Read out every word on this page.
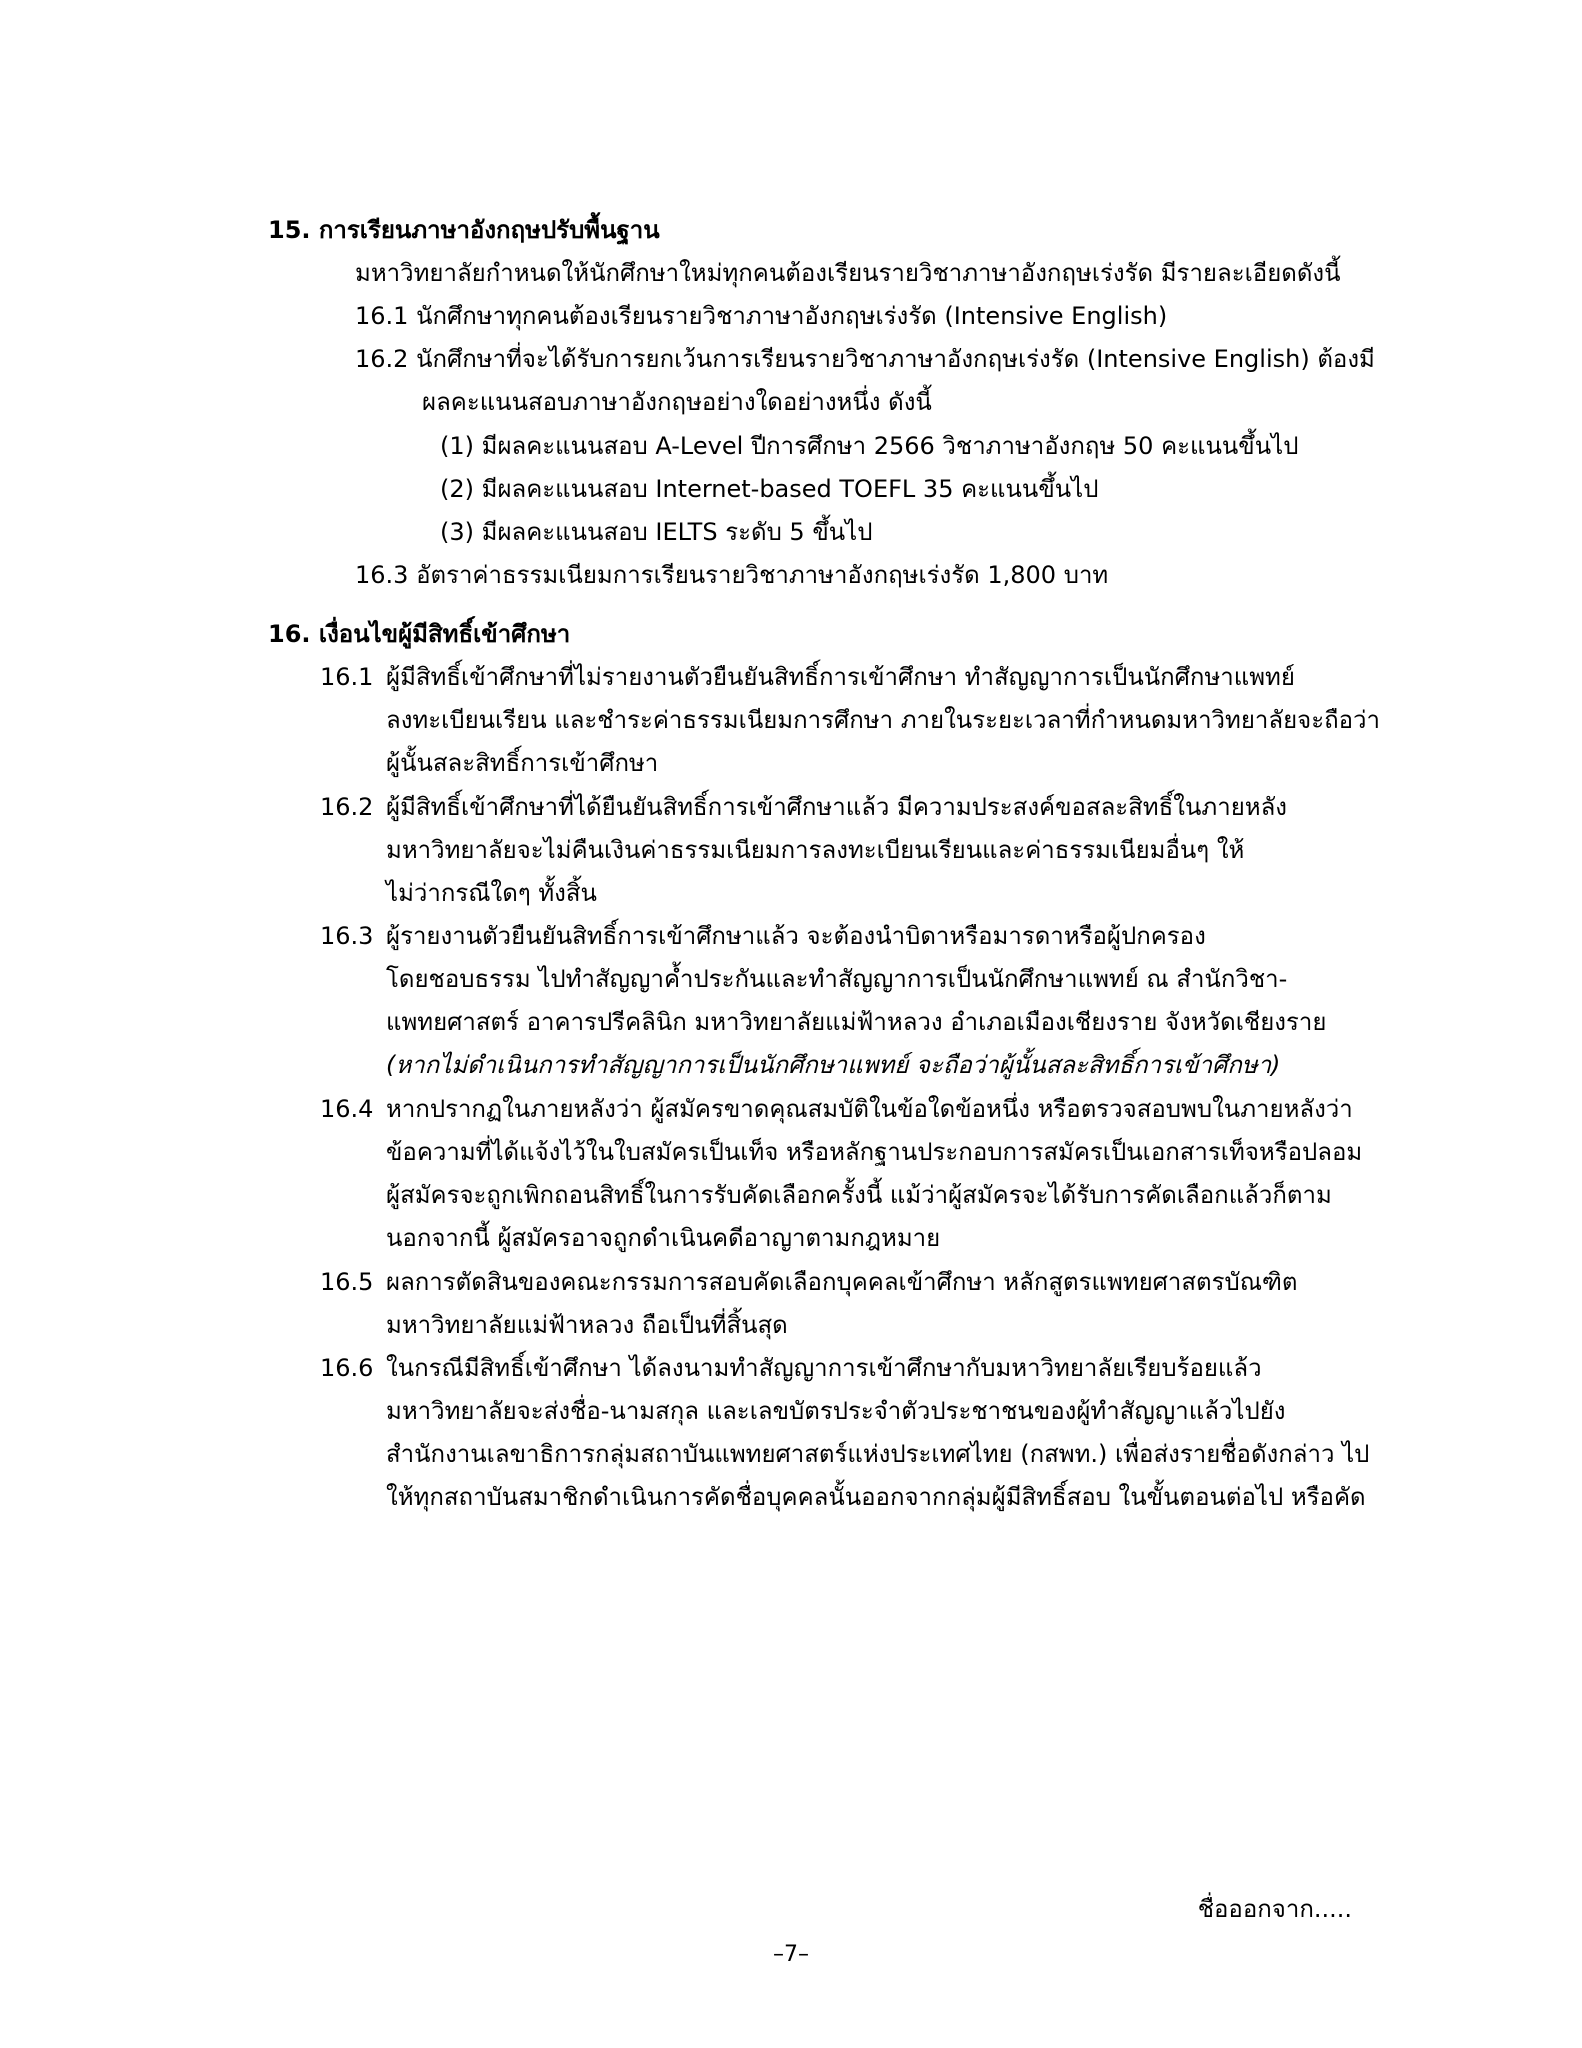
15. การเรียนภาษาอังกฤษปรับพื้นฐาน
มหาวิทยาลัยกำหนดให้นักศึกษาใหม่ทุกคนต้องเรียนรายวิชาภาษาอังกฤษเร่งรัด มีรายละเอียดดังนี้
16.1 นักศึกษาทุกคนต้องเรียนรายวิชาภาษาอังกฤษเร่งรัด (Intensive English)
16.2 นักศึกษาที่จะได้รับการยกเว้นการเรียนรายวิชาภาษาอังกฤษเร่งรัด (Intensive English) ต้องมี
ผลคะแนนสอบภาษาอังกฤษอย่างใดอย่างหนึ่ง ดังนี้
(1) มีผลคะแนนสอบ A-Level ปีการศึกษา 2566 วิชาภาษาอังกฤษ 50 คะแนนขึ้นไป
(2) มีผลคะแนนสอบ Internet-based TOEFL 35 คะแนนขึ้นไป
(3) มีผลคะแนนสอบ IELTS ระดับ 5 ขึ้นไป
16.3 อัตราค่าธรรมเนียมการเรียนรายวิชาภาษาอังกฤษเร่งรัด 1,800 บาท
16. เงื่อนไขผู้มีสิทธิ์เข้าศึกษา
16.1 ผู้มีสิทธิ์เข้าศึกษาที่ไม่รายงานตัวยืนยันสิทธิ์การเข้าศึกษา ทำสัญญาการเป็นนักศึกษาแพทย์
ลงทะเบียนเรียน และชำระค่าธรรมเนียมการศึกษา ภายในระยะเวลาที่กำหนดมหาวิทยาลัยจะถือว่า
ผู้นั้นสละสิทธิ์การเข้าศึกษา
16.2 ผู้มีสิทธิ์เข้าศึกษาที่ได้ยืนยันสิทธิ์การเข้าศึกษาแล้ว มีความประสงค์ขอสละสิทธิ์ในภายหลัง
มหาวิทยาลัยจะไม่คืนเงินค่าธรรมเนียมการลงทะเบียนเรียนและค่าธรรมเนียมอื่นๆ ให้
ไม่ว่ากรณีใดๆ ทั้งสิ้น
16.3 ผู้รายงานตัวยืนยันสิทธิ์การเข้าศึกษาแล้ว จะต้องนำบิดาหรือมารดาหรือผู้ปกครอง
โดยชอบธรรม ไปทำสัญญาค้ำประกันและทำสัญญาการเป็นนักศึกษาแพทย์ ณ สำนักวิชา-
แพทยศาสตร์ อาคารปรีคลินิก มหาวิทยาลัยแม่ฟ้าหลวง อำเภอเมืองเชียงราย จังหวัดเชียงราย
(หากไม่ดำเนินการทำสัญญาการเป็นนักศึกษาแพทย์ จะถือว่าผู้นั้นสละสิทธิ์การเข้าศึกษา)
16.4 หากปรากฏในภายหลังว่า ผู้สมัครขาดคุณสมบัติในข้อใดข้อหนึ่ง หรือตรวจสอบพบในภายหลังว่า
ข้อความที่ได้แจ้งไว้ในใบสมัครเป็นเท็จ หรือหลักฐานประกอบการสมัครเป็นเอกสารเท็จหรือปลอม
ผู้สมัครจะถูกเพิกถอนสิทธิ์ในการรับคัดเลือกครั้งนี้ แม้ว่าผู้สมัครจะได้รับการคัดเลือกแล้วก็ตาม
นอกจากนี้ ผู้สมัครอาจถูกดำเนินคดีอาญาตามกฎหมาย
16.5 ผลการตัดสินของคณะกรรมการสอบคัดเลือกบุคคลเข้าศึกษา หลักสูตรแพทยศาสตรบัณฑิต
มหาวิทยาลัยแม่ฟ้าหลวง ถือเป็นที่สิ้นสุด
16.6 ในกรณีมีสิทธิ์เข้าศึกษา ได้ลงนามทำสัญญาการเข้าศึกษากับมหาวิทยาลัยเรียบร้อยแล้ว
มหาวิทยาลัยจะส่งชื่อ-นามสกุล และเลขบัตรประจำตัวประชาชนของผู้ทำสัญญาแล้วไปยัง
สำนักงานเลขาธิการกลุ่มสถาบันแพทยศาสตร์แห่งประเทศไทย (กสพท.) เพื่อส่งรายชื่อดังกล่าว ไป
ให้ทุกสถาบันสมาชิกดำเนินการคัดชื่อบุคคลนั้นออกจากกลุ่มผู้มีสิทธิ์สอบ ในขั้นตอนต่อไป หรือคัด
ชื่อออกจาก.....
–7–
